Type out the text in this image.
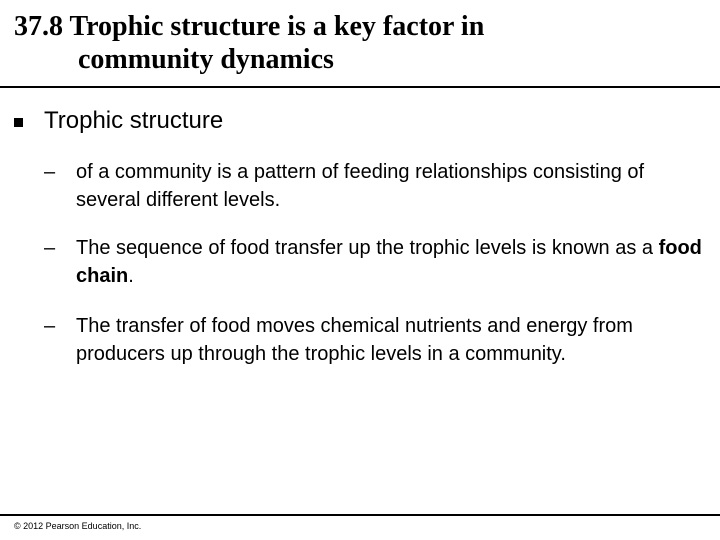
37.8 Trophic structure is a key factor in
community dynamics
Trophic structure
–	of a community is a pattern of feeding relationships consisting of several different levels.
–	The sequence of food transfer up the trophic levels is known as a food chain.
–	The transfer of food moves chemical nutrients and energy from producers up through the trophic levels in a community.
© 2012 Pearson Education, Inc.
